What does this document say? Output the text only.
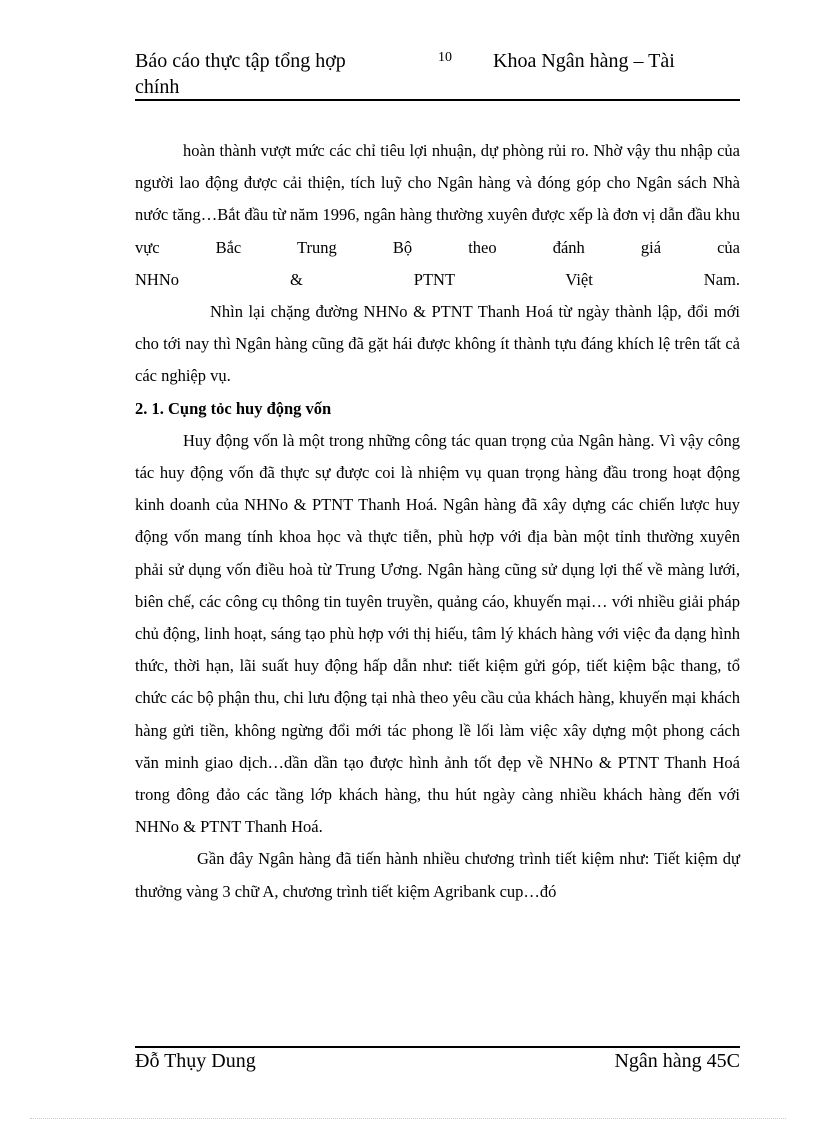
Báo cáo thực tập tổng hợp
chính
10 Khoa Ngân hàng – Tài

hoàn thành vượt mức các chỉ tiêu lợi nhuận, dự phòng rủi ro. Nhờ vậy thu nhập của người lao động được cải thiện, tích luỹ cho Ngân hàng và đóng góp cho Ngân sách Nhà nước tăng…Bắt đầu từ năm 1996, ngân hàng thường xuyên được xếp là đơn vị dẫn đầu khu vực Bắc Trung Bộ theo đánh giá của

NHNo & PTNT Việt Nam.

Nhìn lại chặng đường NHNo & PTNT Thanh Hoá từ ngày thành lập, đổi mới cho tới nay thì Ngân hàng cũng đã gặt hái được không ít thành tựu đáng khích lệ trên tất cả các nghiệp vụ.

2. 1. Cụng tỏc huy động vốn

Huy động vốn là một trong những công tác quan trọng của Ngân hàng. Vì vậy công tác huy động vốn đã thực sự được coi là nhiệm vụ quan trọng hàng đầu trong hoạt động kinh doanh của NHNo & PTNT Thanh Hoá. Ngân hàng đã xây dựng các chiến lược huy động vốn mang tính khoa học và thực tiễn, phù hợp với địa bàn một tỉnh thường xuyên phải sử dụng vốn điều hoà từ Trung Ương. Ngân hàng cũng sử dụng lợi thế về màng lưới, biên chế, các công cụ thông tin tuyên truyền, quảng cáo, khuyến mại… với nhiều giải pháp chủ động, linh hoạt, sáng tạo phù hợp với thị hiếu, tâm lý khách hàng với việc đa dạng hình thức, thời hạn, lãi suất huy động hấp dẫn như: tiết kiệm gửi góp, tiết kiệm bậc thang, tổ chức các bộ phận thu, chi lưu động tại nhà theo yêu cầu của khách hàng, khuyến mại khách hàng gửi tiền, không ngừng đổi mới tác phong lề lối làm việc xây dựng một phong cách văn minh giao dịch…dần dần tạo được hình ảnh tốt đẹp về NHNo & PTNT Thanh Hoá trong đông đảo các tầng lớp khách hàng, thu hút ngày càng nhiều khách hàng đến với NHNo & PTNT Thanh Hoá.

Gần đây Ngân hàng đã tiến hành nhiều chương trình tiết kiệm như: Tiết kiệm dự thưởng vàng 3 chữ A, chương trình tiết kiệm Agribank cup…đó

Đỗ Thụy Dung	Ngân hàng 45C
